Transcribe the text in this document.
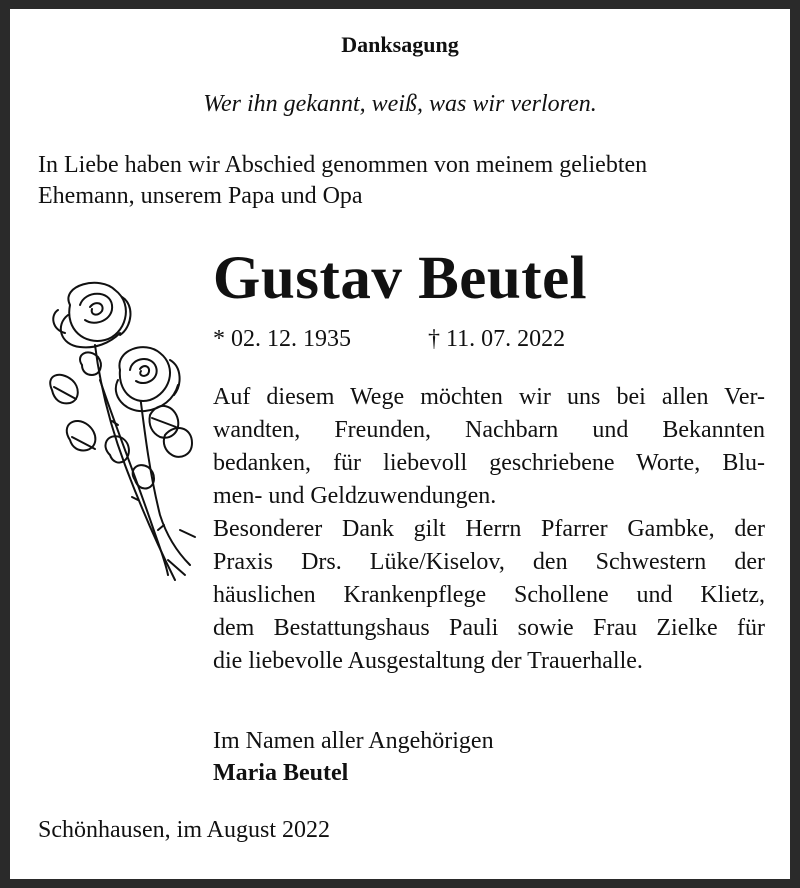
Danksagung
Wer ihn gekannt, weiß, was wir verloren.
In Liebe haben wir Abschied genommen von meinem geliebten
Ehemann, unserem Papa und Opa
Gustav Beutel
* 02. 12. 1935	† 11. 07. 2022
Auf diesem Wege möchten wir uns bei allen Ver-
wandten, Freunden, Nachbarn und Bekannten
bedanken, für liebevoll geschriebene Worte, Blu-
men- und Geldzuwendungen.
Besonderer Dank gilt Herrn Pfarrer Gambke, der
Praxis Drs. Lüke/Kiselov, den Schwestern der
häuslichen Krankenpflege Schollene und Klietz,
dem Bestattungshaus Pauli sowie Frau Zielke für
die liebevolle Ausgestaltung der Trauerhalle.
Im Namen aller Angehörigen
Maria Beutel
Schönhausen, im August 2022
